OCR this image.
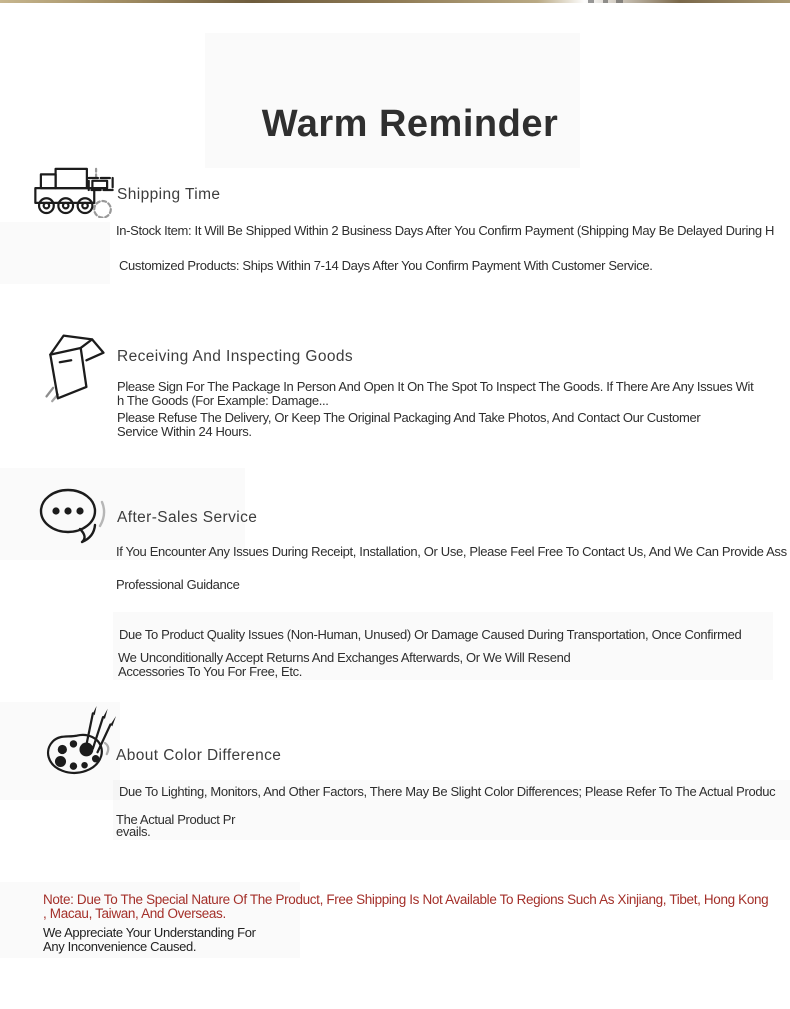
Warm Reminder
Shipping Time
In-Stock Item: It Will Be Shipped Within 2 Business Days After You Confirm Payment (Shipping May Be Delayed During H
Customized Products: Ships Within 7-14 Days After You Confirm Payment With Customer Service.
Receiving And Inspecting Goods
Please Sign For The Package In Person And Open It On The Spot To Inspect The Goods. If There Are Any Issues Wit
h The Goods (For Example: Damage...
Please Refuse The Delivery, Or Keep The Original Packaging And Take Photos, And Contact Our Customer
Service Within 24 Hours.
After-Sales Service
If You Encounter Any Issues During Receipt, Installation, Or Use, Please Feel Free To Contact Us, And We Can Provide Ass
Professional Guidance
Due To Product Quality Issues (Non-Human, Unused) Or Damage Caused During Transportation, Once Confirmed
We Unconditionally Accept Returns And Exchanges Afterwards, Or We Will Resend
Accessories To You For Free, Etc.
About Color Difference
Due To Lighting, Monitors, And Other Factors, There May Be Slight Color Differences; Please Refer To The Actual Produc
The Actual Product Pr
evails.
Note: Due To The Special Nature Of The Product, Free Shipping Is Not Available To Regions Such As Xinjiang, Tibet, Hong Kong
, Macau, Taiwan, And Overseas.
We Appreciate Your Understanding For
Any Inconvenience Caused.
